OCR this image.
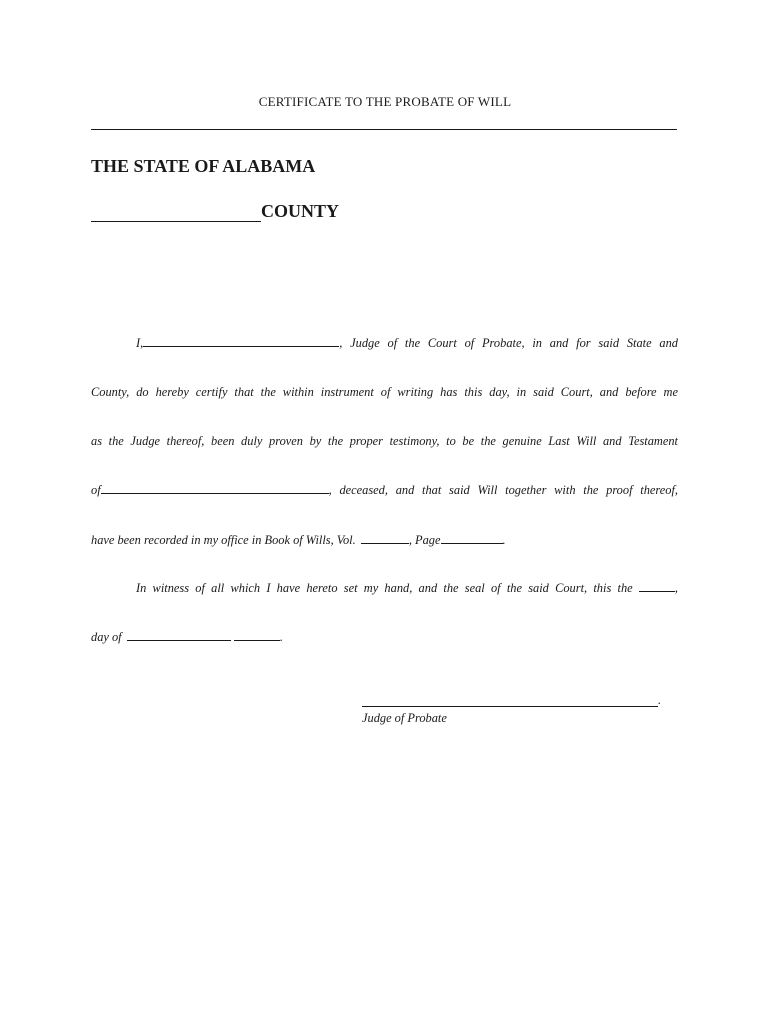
CERTIFICATE TO THE PROBATE OF WILL
THE STATE OF ALABAMA
COUNTY
I,	, Judge of the Court of Probate, in and for said State and
County, do hereby certify that the within instrument of writing has this day, in said Court, and before me
as the Judge thereof, been duly proven by the proper testimony, to be the genuine Last Will and Testament
of	, deceased, and that said Will together with the proof thereof,
have been recorded in my office in Book of Wills, Vol.	, Page	.
In witness of all which I have hereto set my hand, and the seal of the said Court, this the	,
day of	.
.
Judge of Probate
